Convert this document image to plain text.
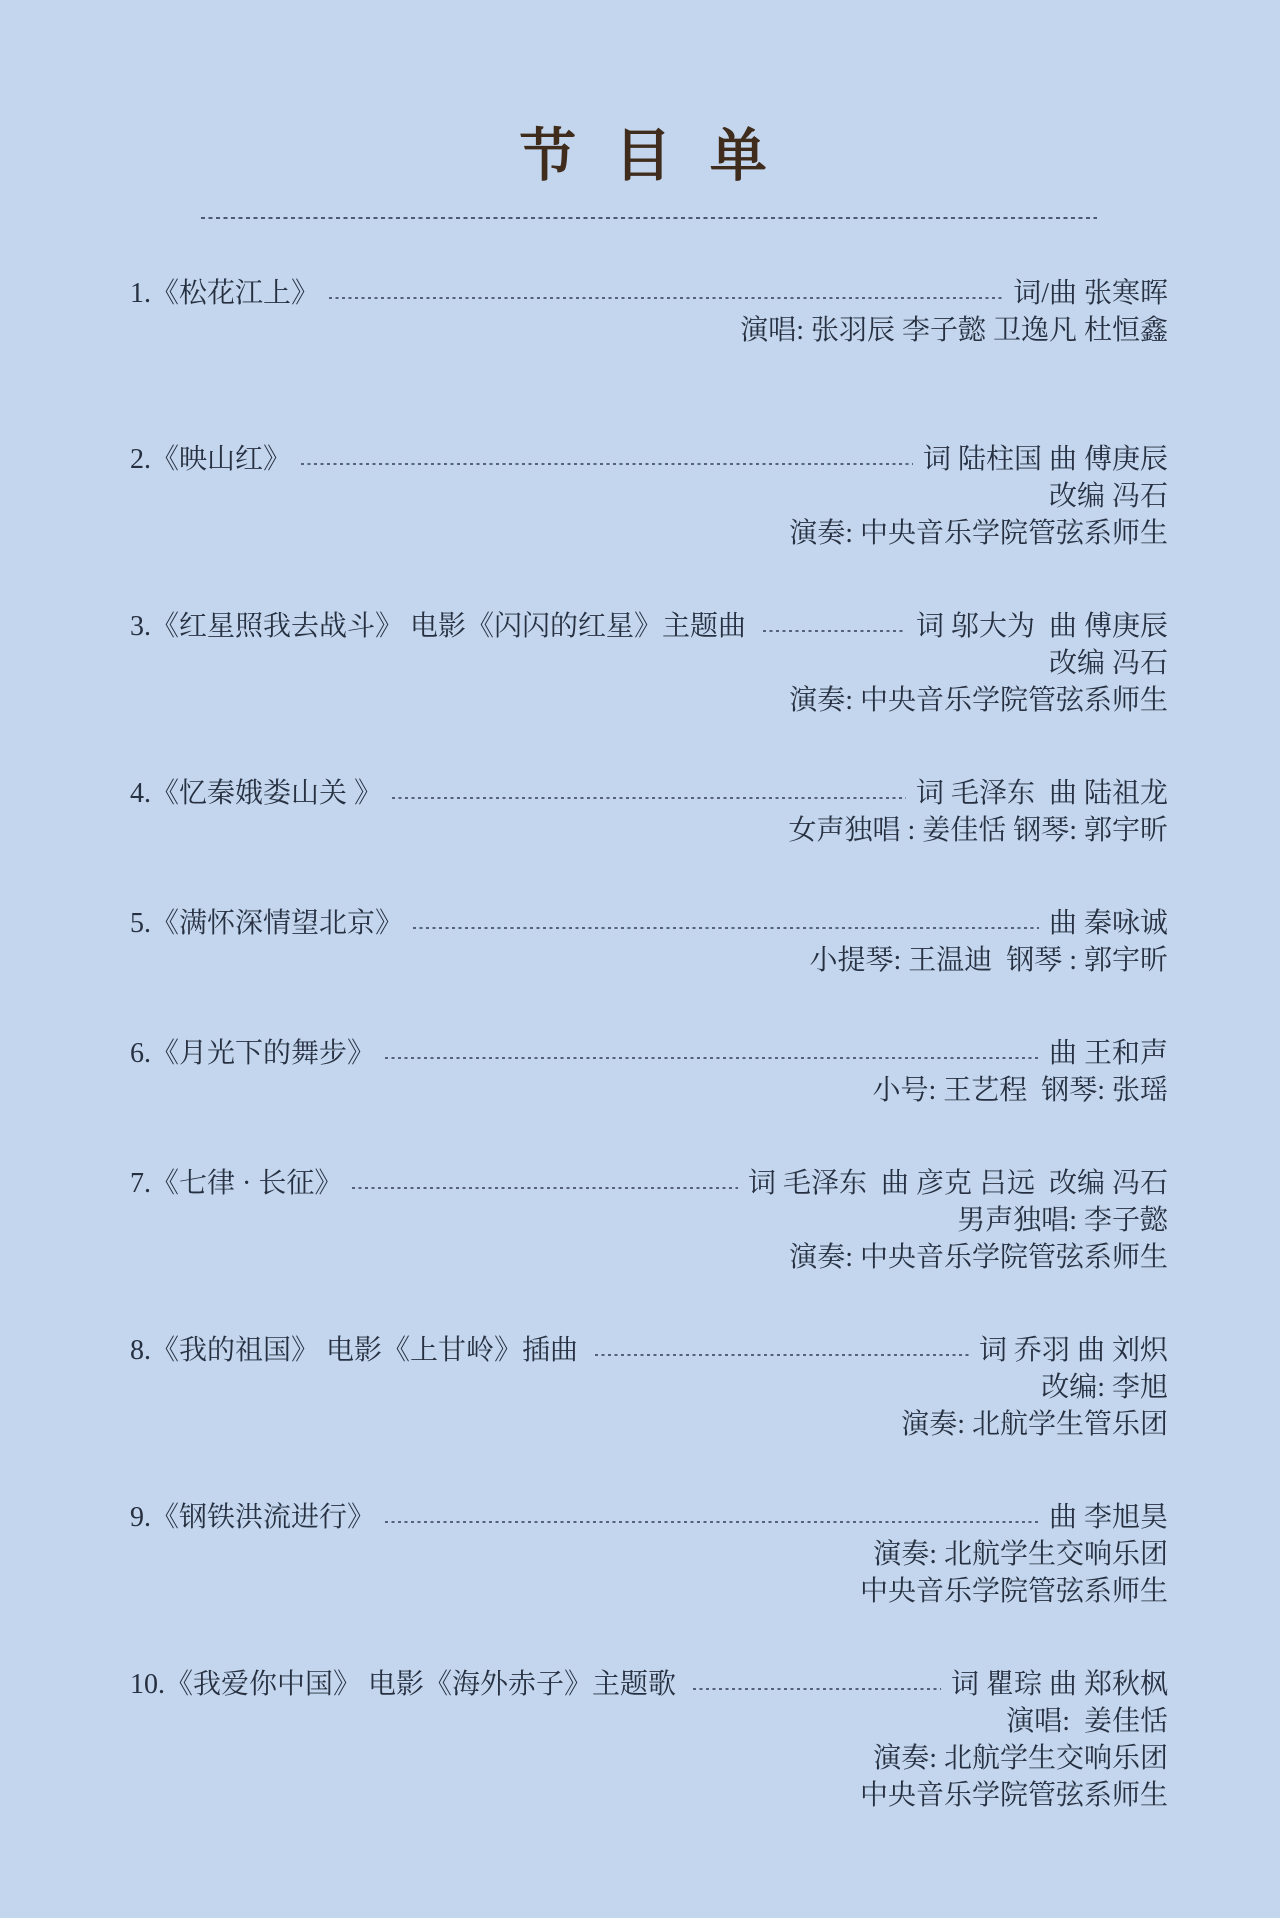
节 目 单
1.《松花江上》	词/曲 张寒晖
演唱: 张羽辰 李子懿 卫逸凡 杜恒鑫
2.《映山红》	词 陆柱国 曲 傅庚辰
改编 冯石
演奏: 中央音乐学院管弦系师生
3.《红星照我去战斗》 电影《闪闪的红星》主题曲	词 邬大为  曲 傅庚辰
改编 冯石
演奏: 中央音乐学院管弦系师生
4.《忆秦娥娄山关 》	词 毛泽东  曲 陆祖龙
女声独唱 : 姜佳恬 钢琴: 郭宇昕
5.《满怀深情望北京》	曲 秦咏诚
小提琴: 王温迪  钢琴 : 郭宇昕
6.《月光下的舞步》	曲 王和声
小号: 王艺程  钢琴: 张瑶
7.《七律 · 长征》	词 毛泽东  曲 彦克 吕远  改编 冯石
男声独唱: 李子懿
演奏: 中央音乐学院管弦系师生
8.《我的祖国》 电影《上甘岭》插曲	词 乔羽 曲 刘炽
改编: 李旭
演奏: 北航学生管乐团
9.《钢铁洪流进行》	曲 李旭昊
演奏: 北航学生交响乐团
中央音乐学院管弦系师生
10.《我爱你中国》 电影《海外赤子》主题歌	词 瞿琮 曲 郑秋枫
演唱:  姜佳恬
演奏: 北航学生交响乐团
中央音乐学院管弦系师生
